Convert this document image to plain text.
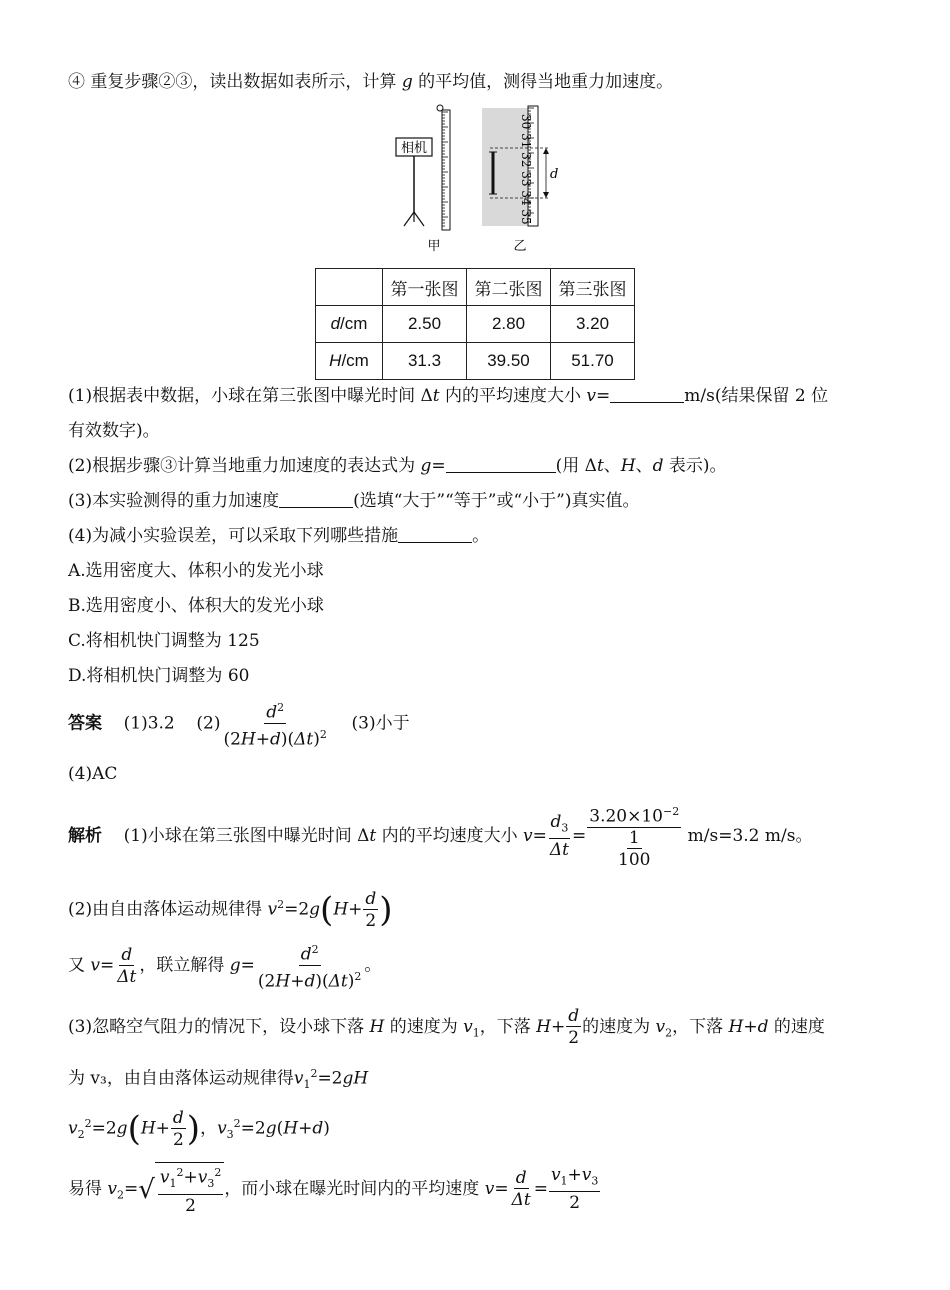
④ 重复步骤②③，读出数据如表所示，计算 g 的平均值，测得当地重力加速度。
相机	30 31 32 33 34 35 d
甲	乙
	第一张图	第二张图	第三张图
d/cm	2.50	2.80	3.20
H/cm	31.3	39.50	51.70
(1)根据表中数据，小球在第三张图中曝光时间 Δt 内的平均速度大小 v=	m/s(结果保留 2 位
有效数字)。
(2)根据步骤③计算当地重力加速度的表达式为 g=	(用 Δt、H、d 表示)。
(3)本实验测得的重力加速度	(选填“大于”“等于”或“小于”)真实值。
(4)为减小实验误差，可以采取下列哪些措施	。
A.选用密度大、体积小的发光小球
B.选用密度小、体积大的发光小球
C.将相机快门调整为 125
D.将相机快门调整为 60
答案 (1)3.2 $(2) \frac{d^2}{(2H+d)(\Delta t)^2} (3)$小于
(4)AC
解析 (1)小球在第三张图中曝光时间 Δt 内的平均速度大小 $v= \frac{d_3}{\Delta t} = \frac{3.20\times 10^{-2}}{\frac{1}{100}} m/s=3.2$ m/s。
(2)由自由落体运动规律得 $v^2=2g(H+ \frac{d}{2}$ )
又 $v= \frac{d}{\Delta t}$ ，联立解得 $g= \frac{d^2}{(2H+d)(\Delta t)^2}$ 。
(3)忽略空气阻力的情况下，设小球下落 H 的速度为 $v_1$，下落 $H+ \frac{d}{2}$ 的速度为 $v_2$，下落 H+d 的速度
为 v₃，由自由落体运动规律得$v_1^2=2gH$
$v_2^2=2g(H+ \frac{d}{2}$ )，$v_3^2=2g(H+d)$
易得 $v_2=$ √ $\frac{v_1^2+v_3^2}{2}$ ，而小球在曝光时间内的平均速度 $v= \frac{d}{\Delta t} = \frac{v_1+v_3}{2}$
